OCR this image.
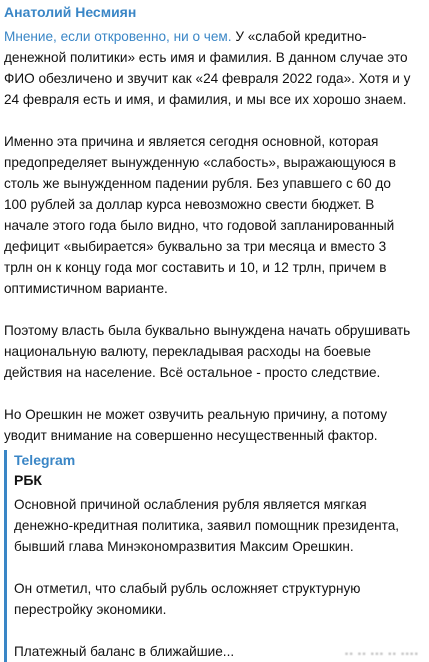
Анатолий Несмиян

Мнение, если откровенно, ни о чем. У «слабой кредитно-денежной политики» есть имя и фамилия. В данном случае это ФИО обезличено и звучит как «24 февраля 2022 года». Хотя и у 24 февраля есть и имя, и фамилия, и мы все их хорошо знаем.

Именно эта причина и является сегодня основной, которая предопределяет вынужденную «слабость», выражающуюся в столь же вынужденном падении рубля. Без упавшего с 60 до 100 рублей за доллар курса невозможно свести бюджет. В начале этого года было видно, что годовой запланированный дефицит «выбирается» буквально за три месяца и вместо 3 трлн он к концу года мог составить и 10, и 12 трлн, причем в оптимистичном варианте.

Поэтому власть была буквально вынуждена начать обрушивать национальную валюту, перекладывая расходы на боевые действия на население. Всё остальное - просто следствие.

Но Орешкин не может озвучить реальную причину, а потому уводит внимание на совершенно несущественный фактор.

Telegram
РБК

Основной причиной ослабления рубля является мягкая денежно-кредитная политика, заявил помощник президента, бывший глава Минэкономразвития Максим Орешкин.

Он отметил, что слабый рубль осложняет структурную перестройку экономики.

Платежный баланс в ближайшие...	▪▪ ▪▪ ▪▪▪ ▪▪ ▪▪▪▪
